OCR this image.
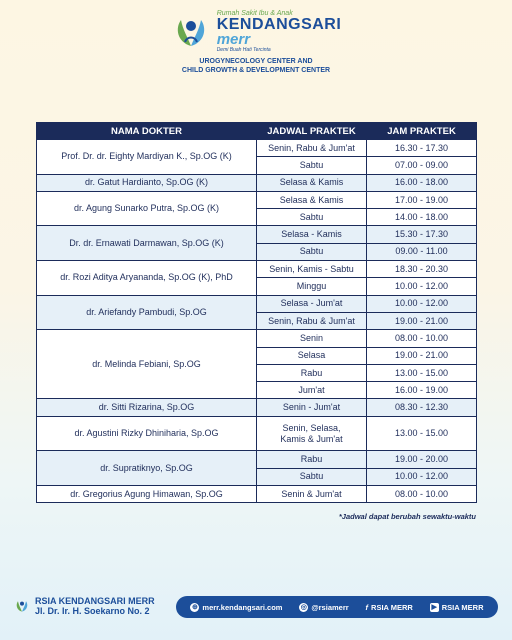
Rumah Sakit Ibu & Anak
KENDANGSARI
merr
Demi Buah Hati Tercinta
UROGYNECOLOGY CENTER AND
CHILD GROWTH & DEVELOPMENT CENTER
NAMA DOKTER	JADWAL PRAKTEK	JAM PRAKTEK
Prof. Dr. dr. Eighty Mardiyan K., Sp.OG (K)	Senin, Rabu & Jum'at	16.30 - 17.30
	Sabtu	07.00 - 09.00
dr. Gatut Hardianto, Sp.OG (K)	Selasa & Kamis	16.00 - 18.00
dr. Agung Sunarko Putra, Sp.OG (K)	Selasa & Kamis	17.00 - 19.00
	Sabtu	14.00 - 18.00
Dr. dr. Ernawati Darmawan, Sp.OG (K)	Selasa - Kamis	15.30 - 17.30
	Sabtu	09.00 - 11.00
dr. Rozi Aditya Aryananda, Sp.OG (K), PhD	Senin, Kamis - Sabtu	18.30 - 20.30
	Minggu	10.00 - 12.00
dr. Ariefandy Pambudi, Sp.OG	Selasa - Jum'at	10.00 - 12.00
	Senin, Rabu & Jum'at	19.00 - 21.00
dr. Melinda Febiani, Sp.OG	Senin	08.00 - 10.00
	Selasa	19.00 - 21.00
	Rabu	13.00 - 15.00
	Jum'at	16.00 - 19.00
dr. Sitti Rizarina, Sp.OG	Senin - Jum'at	08.30 - 12.30
dr. Agustini Rizky Dhiniharia, Sp.OG	Senin, Selasa,
Kamis & Jum'at	13.00 - 15.00
dr. Supratiknyo, Sp.OG	Rabu	19.00 - 20.00
	Sabtu	10.00 - 12.00
dr. Gregorius Agung Himawan, Sp.OG	Senin & Jum'at	08.00 - 10.00
*Jadwal dapat berubah sewaktu-waktu
RSIA KENDANGSARI MERR
Jl. Dr. Ir. H. Soekarno No. 2	⊕ merr.kendangsari.com	◎ @rsiamerr f RSIA MERR	▶ RSIA MERR
